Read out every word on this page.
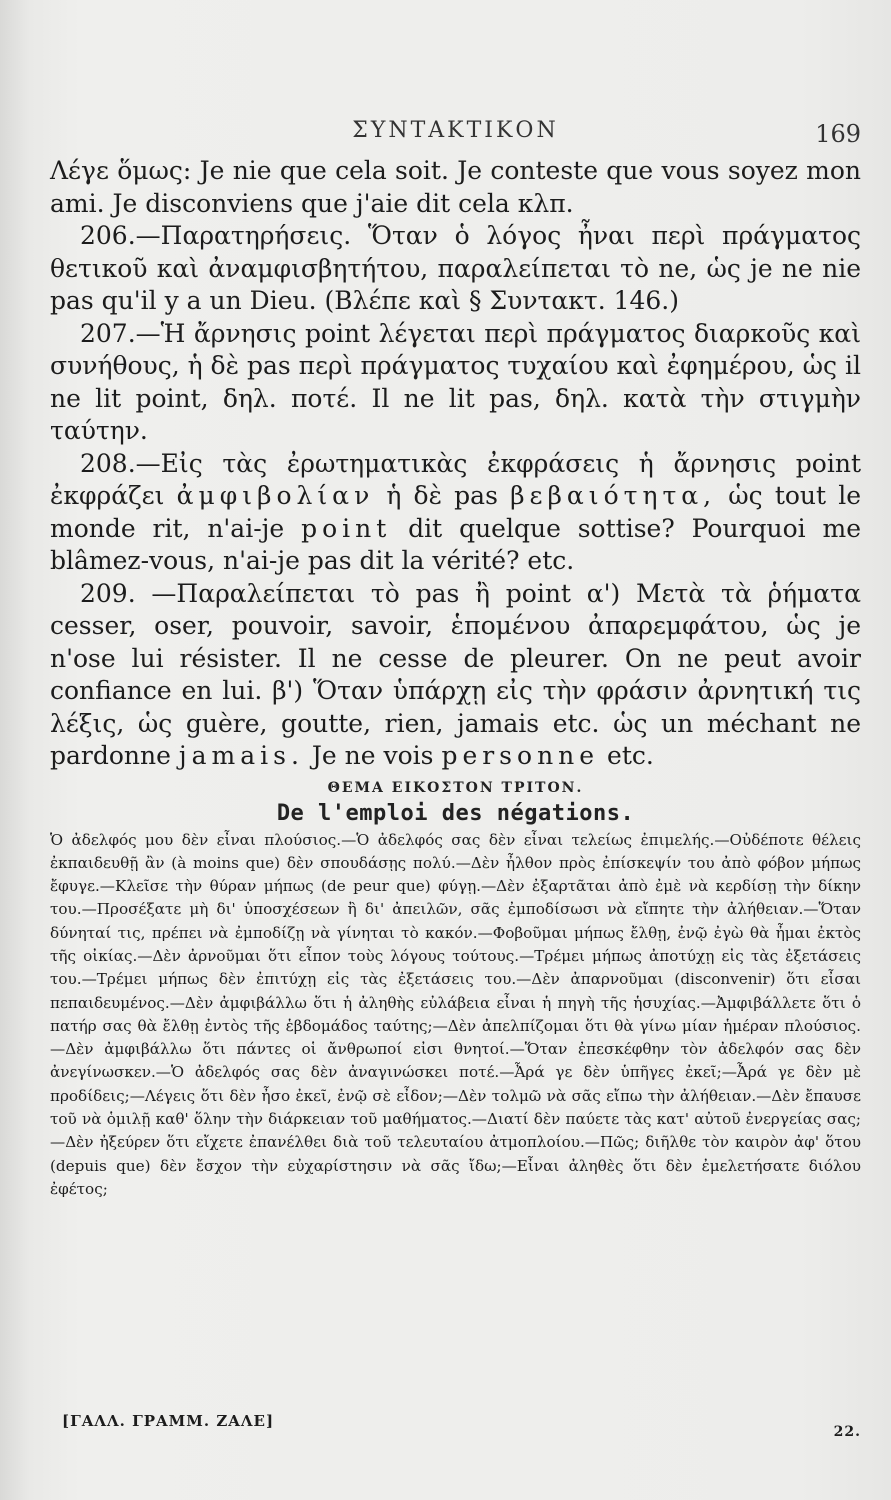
ΣΥΝΤΑΚΤΙΚΟΝ	169

Λέγε ὅμως: Je nie que cela soit. Je conteste que vous soyez mon ami. Je disconviens que j'aie dit cela κλπ.

206.—Παρατηρήσεις. Ὅταν ὁ λόγος ἦναι περὶ πράγματος θετικοῦ καὶ ἀναμφισβητήτου, παραλείπεται τὸ ne, ὡς je ne nie pas qu'il y a un Dieu. (Βλέπε καὶ § Συντακτ. 146.)

207.—Ἡ ἄρνησις point λέγεται περὶ πράγματος διαρκοῦς καὶ συνήθους, ἡ δὲ pas περὶ πράγματος τυχαίου καὶ ἐφημέρου, ὡς il ne lit point, δηλ. ποτέ. Il ne lit pas, δηλ. κατὰ τὴν στιγμὴν ταύτην.

208.—Εἰς τὰς ἐρωτηματικὰς ἐκφράσεις ἡ ἄρνησις point ἐκφράζει ἀμφιβολίαν ἡ δὲ pas βεβαιότητα, ὡς tout le monde rit, n'ai-je point dit quelque sottise? Pourquoi me blâmez-vous, n'ai-je pas dit la vérité? etc.

209. —Παραλείπεται τὸ pas ἢ point α') Μετὰ τὰ ῥήματα cesser, oser, pouvoir, savoir, ἑπομένου ἀπαρεμφάτου, ὡς je n'ose lui résister. Il ne cesse de pleurer. On ne peut avoir confiance en lui. β') Ὅταν ὑπάρχῃ εἰς τὴν φράσιν ἀρνητική τις λέξις, ὡς guère, goutte, rien, jamais etc. ὡς un méchant ne pardonne jamais. Je ne vois personne etc.

ΘΕΜΑ ΕΙΚΟΣΤΟΝ ΤΡΙΤΟΝ.
De l'emploi des négations.

Ὁ ἀδελφός μου δὲν εἶναι πλούσιος.—Ὁ ἀδελφός σας δὲν εἶναι τελείως ἐπιμελής.—Οὐδέποτε θέλεις ἐκπαιδευθῇ ἂν (à moins que) δὲν σπουδάσῃς πολύ.—Δὲν ἦλθον πρὸς ἐπίσκεψίν του ἀπὸ φόβον μήπως ἔφυγε.—Κλεῖσε τὴν θύραν μήπως (de peur que) φύγῃ.—Δὲν ἐξαρτᾶται ἀπὸ ἐμὲ νὰ κερδίσῃ τὴν δίκην του.—Προσέξατε μὴ δι' ὑποσχέσεων ἢ δι' ἀπειλῶν, σᾶς ἐμποδίσωσι νὰ εἴπητε τὴν ἀλήθειαν.—Ὅταν δύνηταί τις, πρέπει νὰ ἐμποδίζῃ νὰ γίνηται τὸ κακόν.—Φοβοῦμαι μήπως ἔλθῃ, ἐνῷ ἐγὼ θὰ ἦμαι ἐκτὸς τῆς οἰκίας.—Δὲν ἀρνοῦμαι ὅτι εἶπον τοὺς λόγους τούτους.—Τρέμει μήπως ἀποτύχῃ εἰς τὰς ἐξετάσεις του.—Τρέμει μήπως δὲν ἐπιτύχῃ εἰς τὰς ἐξετάσεις του.—Δὲν ἀπαρνοῦμαι (disconvenir) ὅτι εἶσαι πεπαιδευμένος.—Δὲν ἀμφιβάλλω ὅτι ἡ ἀληθὴς εὐλάβεια εἶναι ἡ πηγὴ τῆς ἡσυχίας.—Ἀμφιβάλλετε ὅτι ὁ πατήρ σας θὰ ἔλθῃ ἐντὸς τῆς ἑβδομάδος ταύτης;—Δὲν ἀπελπίζομαι ὅτι θὰ γίνω μίαν ἡμέραν πλούσιος.—Δὲν ἀμφιβάλλω ὅτι πάντες οἱ ἄνθρωποί εἰσι θνητοί.—Ὅταν ἐπεσκέφθην τὸν ἀδελφόν σας δὲν ἀνεγίνωσκεν.—Ὁ ἀδελφός σας δὲν ἀναγινώσκει ποτέ.—Ἆρά γε δὲν ὑπῆγες ἐκεῖ;—Ἆρά γε δὲν μὲ προδίδεις;—Λέγεις ὅτι δὲν ἦσο ἐκεῖ, ἐνῷ σὲ εἶδον;—Δὲν τολμῶ νὰ σᾶς εἴπω τὴν ἀλήθειαν.—Δὲν ἔπαυσε τοῦ νὰ ὁμιλῇ καθ' ὅλην τὴν διάρκειαν τοῦ μαθήματος.—Διατί δὲν παύετε τὰς κατ' αὐτοῦ ἐνεργείας σας;—Δὲν ἠξεύρεν ὅτι εἴχετε ἐπανέλθει διὰ τοῦ τελευταίου ἀτμοπλοίου.—Πῶς; διῆλθε τὸν καιρὸν ἀφ' ὅτου (depuis que) δὲν ἔσχον τὴν εὐχαρίστησιν νὰ σᾶς ἴδω;—Εἶναι ἀληθὲς ὅτι δὲν ἐμελετήσατε διόλου ἐφέτος;

[ΓΑΛΛ. ΓΡΑΜΜ. ΖΑΛΕ]
22.
